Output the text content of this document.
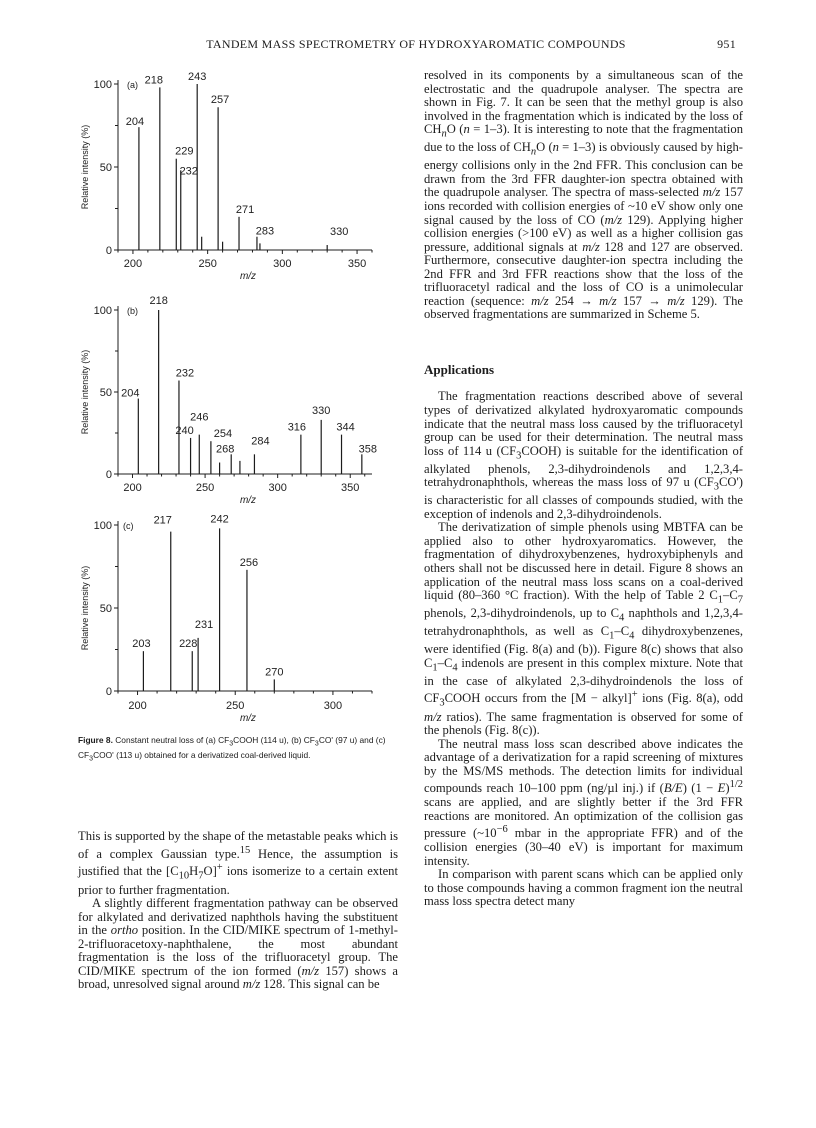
TANDEM MASS SPECTROMETRY OF HYDROXYAROMATIC COMPOUNDS	951
0
50
100
200	250	300	350
m/z
Relative intensity (%)
(a)
204
218
229
232
243
257
271
283	330
0
50
100
200	250	300	350
m/z
Relative intensity (%)
(b)
204
218
232
240
246
254
268
284
316
330
344
358
0
50
100
200	250	300
m/z
Relative intensity (%)
(c)
203
217
228
231
242
256
270
Figure 8. Constant neutral loss of (a) $CF_3COOH$ (114 u), (b) $CF_3CO'$ (97 u) and (c) $CF_3COO'$ (113 u) obtained for a derivatized coal-derived liquid.

This is supported by the shape of the metastable peaks which is of a complex Gaussian type.$^{15}$ Hence, the assumption is justified that the $[C_{10}H_7O]^+$ ions isomerize to a certain extent prior to further fragmentation.

A slightly different fragmentation pathway can be observed for alkylated and derivatized naphthols having the substituent in the ortho position. In the CID/MIKE spectrum of 1-methyl-2-trifluoracetoxy-naphthalene, the most abundant fragmentation is the loss of the trifluoracetyl group. The CID/MIKE spectrum of the ion formed (m/z 157) shows a broad, unresolved signal around m/z 128. This signal can be

resolved in its components by a simultaneous scan of the electrostatic and the quadrupole analyser. The spectra are shown in Fig. 7. It can be seen that the methyl group is also involved in the fragmentation which is indicated by the loss of $CH_nO$ (n = 1–3). It is interesting to note that the fragmentation due to the loss of $CH_nO$ (n = 1–3) is obviously caused by high-energy collisions only in the 2nd FFR. This conclusion can be drawn from the 3rd FFR daughter-ion spectra obtained with the quadrupole analyser. The spectra of mass-selected m/z 157 ions recorded with collision energies of ~10 eV show only one signal caused by the loss of CO (m/z 129). Applying higher collision energies (>100 eV) as well as a higher collision gas pressure, additional signals at m/z 128 and 127 are observed. Furthermore, consecutive daughter-ion spectra including the 2nd FFR and 3rd FFR reactions show that the loss of the trifluoracetyl radical and the loss of CO is a unimolecular reaction (sequence: m/z 254 → m/z 157 → m/z 129). The observed fragmentations are summarized in Scheme 5.

Applications

The fragmentation reactions described above of several types of derivatized alkylated hydroxyaromatic compounds indicate that the neutral mass loss caused by the trifluoracetyl group can be used for their determination. The neutral mass loss of 114 u $(CF_3COOH)$ is suitable for the identification of alkylated phenols, 2,3-dihydroindenols and 1,2,3,4-tetrahydronaphthols, whereas the mass loss of 97 u $(CF_3CO')$ is characteristic for all classes of compounds studied, with the exception of indenols and 2,3-dihydroindenols.

The derivatization of simple phenols using MBTFA can be applied also to other hydroxyaromatics. However, the fragmentation of dihydroxybenzenes, hydroxybiphenyls and others shall not be discussed here in detail. Figure 8 shows an application of the neutral mass loss scans on a coal-derived liquid (80–360 °C fraction). With the help of Table 2 $C_1-C_7$ phenols, 2,3-dihydroindenols, up to $C_4$ naphthols and 1,2,3,4-tetrahydronaphthols, as well as $C_1-C_4$ dihydroxybenzenes, were identified (Fig. 8(a) and (b)). Figure 8(c) shows that also $C_1-C_4$ indenols are present in this complex mixture. Note that in the case of alkylated 2,3-dihydroindenols the loss of $CF_3COOH$ occurs from the [M − alkyl]+ ions (Fig. 8(a), odd m/z ratios). The same fragmentation is observed for some of the phenols (Fig. 8(c)).

The neutral mass loss scan described above indicates the advantage of a derivatization for a rapid screening of mixtures by the MS/MS methods. The detection limits for individual compounds reach 10–100 ppm (ng/µl inj.) if (B/E) $(1 - E)^{1/2}$ scans are applied, and are slightly better if the 3rd FFR reactions are monitored. An optimization of the collision gas pressure ($\sim 10^{-6}$ mbar in the appropriate FFR) and of the collision energies (30–40 eV) is important for maximum intensity.

In comparison with parent scans which can be applied only to those compounds having a common fragment ion the neutral mass loss spectra detect many
